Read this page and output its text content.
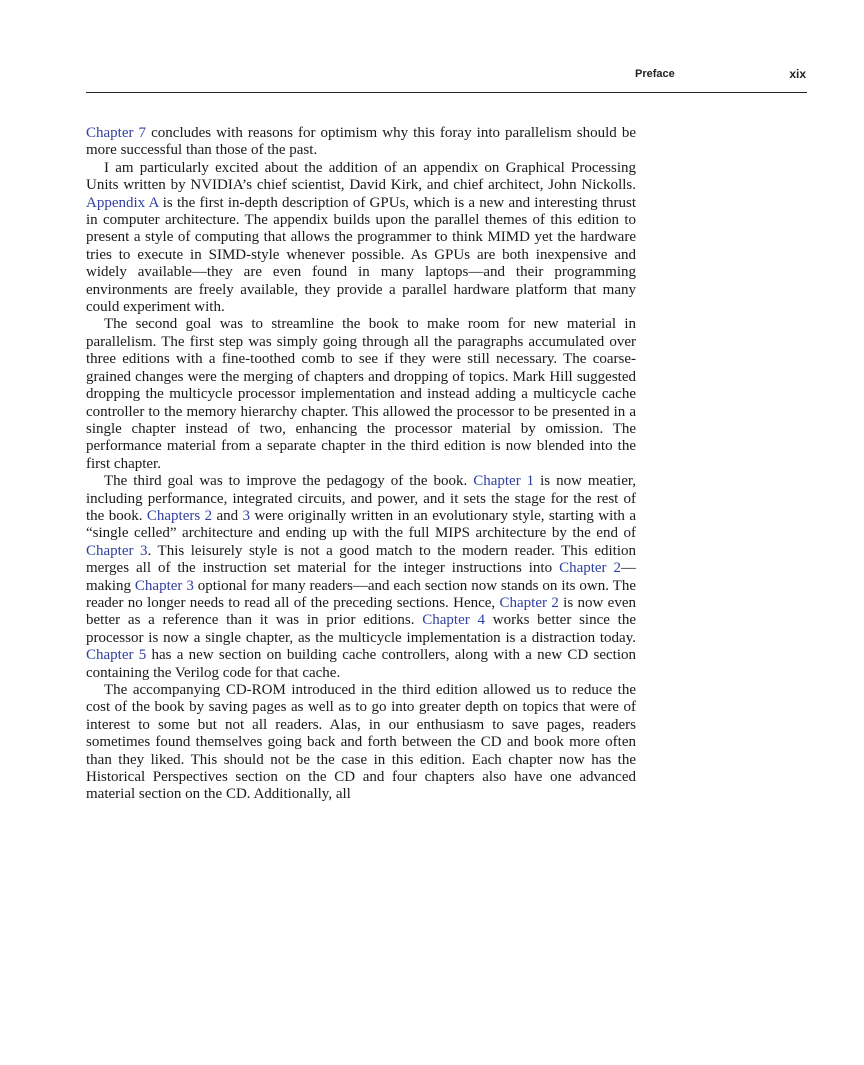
Preface	xix

Chapter 7 concludes with reasons for optimism why this foray into parallelism should be more successful than those of the past.

I am particularly excited about the addition of an appendix on Graphical Processing Units written by NVIDIA’s chief scientist, David Kirk, and chief architect, John Nickolls. Appendix A is the first in-depth description of GPUs, which is a new and interesting thrust in computer architecture. The appendix builds upon the parallel themes of this edition to present a style of computing that allows the programmer to think MIMD yet the hardware tries to execute in SIMD-style whenever possible. As GPUs are both inexpensive and widely available—they are even found in many laptops—and their programming environments are freely available, they provide a parallel hardware platform that many could experiment with.

The second goal was to streamline the book to make room for new material in parallelism. The first step was simply going through all the paragraphs accumulated over three editions with a fine-toothed comb to see if they were still necessary. The coarse-grained changes were the merging of chapters and dropping of topics. Mark Hill suggested dropping the multicycle processor implementation and instead adding a multicycle cache controller to the memory hierarchy chapter. This allowed the processor to be presented in a single chapter instead of two, enhancing the processor material by omission. The performance material from a separate chapter in the third edition is now blended into the first chapter.

The third goal was to improve the pedagogy of the book. Chapter 1 is now meatier, including performance, integrated circuits, and power, and it sets the stage for the rest of the book. Chapters 2 and 3 were originally written in an evolutionary style, starting with a “single celled” architecture and ending up with the full MIPS architecture by the end of Chapter 3. This leisurely style is not a good match to the modern reader. This edition merges all of the instruction set material for the integer instructions into Chapter 2—making Chapter 3 optional for many readers—and each section now stands on its own. The reader no longer needs to read all of the preceding sections. Hence, Chapter 2 is now even better as a reference than it was in prior editions. Chapter 4 works better since the processor is now a single chapter, as the multicycle implementation is a distraction today. Chapter 5 has a new section on building cache controllers, along with a new CD section containing the Verilog code for that cache.

The accompanying CD-ROM introduced in the third edition allowed us to reduce the cost of the book by saving pages as well as to go into greater depth on topics that were of interest to some but not all readers. Alas, in our enthusiasm to save pages, readers sometimes found themselves going back and forth between the CD and book more often than they liked. This should not be the case in this edition. Each chapter now has the Historical Perspectives section on the CD and four chapters also have one advanced material section on the CD. Additionally, all
